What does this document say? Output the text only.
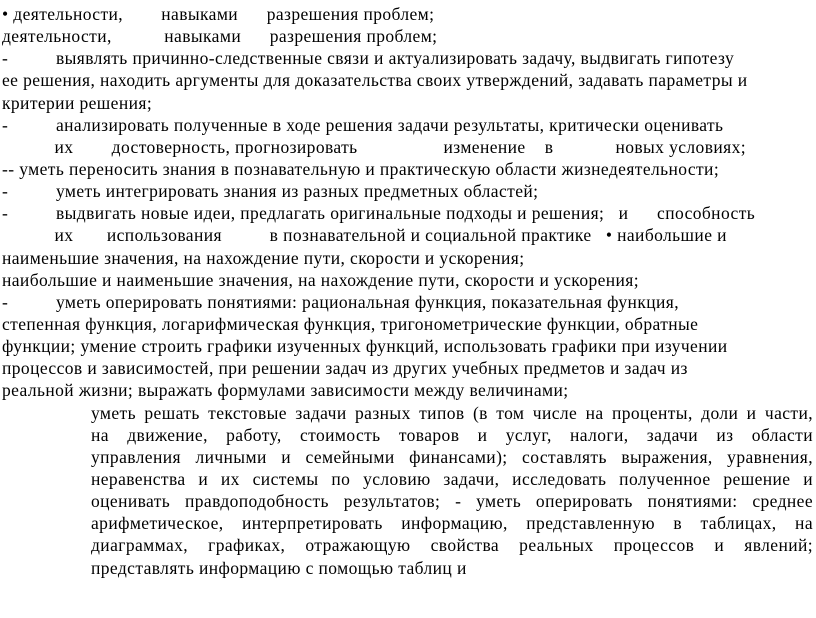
• деятельности,        навыками      разрешения проблем;
деятельности,           навыками      разрешения проблем;
-          выявлять причинно-следственные связи и актуализировать задачу, выдвигать гипотезу
ее решения, находить аргументы для доказательства своих утверждений, задавать параметры и
критерии решения;
-          анализировать полученные в ходе решения задачи результаты, критически оценивать
их        достоверность, прогнозировать                  изменение    в             новых условиях;
-- уметь переносить знания в познавательную и практическую области жизнедеятельности;
-          уметь интегрировать знания из разных предметных областей;
-          выдвигать новые идеи, предлагать оригинальные подходы и решения;   и      способность
их       использования          в познавательной и социальной практике   • наибольшие и
наименьшие значения, на нахождение пути, скорости и ускорения;
наибольшие и наименьшие значения, на нахождение пути, скорости и ускорения;
-          уметь оперировать понятиями: рациональная функция, показательная функция,
степенная функция, логарифмическая функция, тригонометрические функции, обратные
функции; умение строить графики изученных функций, использовать графики при изучении
процессов и зависимостей, при решении задач из других учебных предметов и задач из
реальной жизни; выражать формулами зависимости между величинами;
уметь решать текстовые задачи разных типов (в том числе на проценты, доли и части,
на движение, работу, стоимость товаров и услуг, налоги, задачи из области
управления личными и семейными финансами); составлять выражения, уравнения,
неравенства и их системы по условию задачи, исследовать полученное решение и
оценивать правдоподобность результатов; - уметь оперировать понятиями: среднее
арифметическое, интерпретировать информацию, представленную в таблицах, на
диаграммах, графиках, отражающую свойства реальных процессов и явлений;
представлять информацию с помощью таблиц и
